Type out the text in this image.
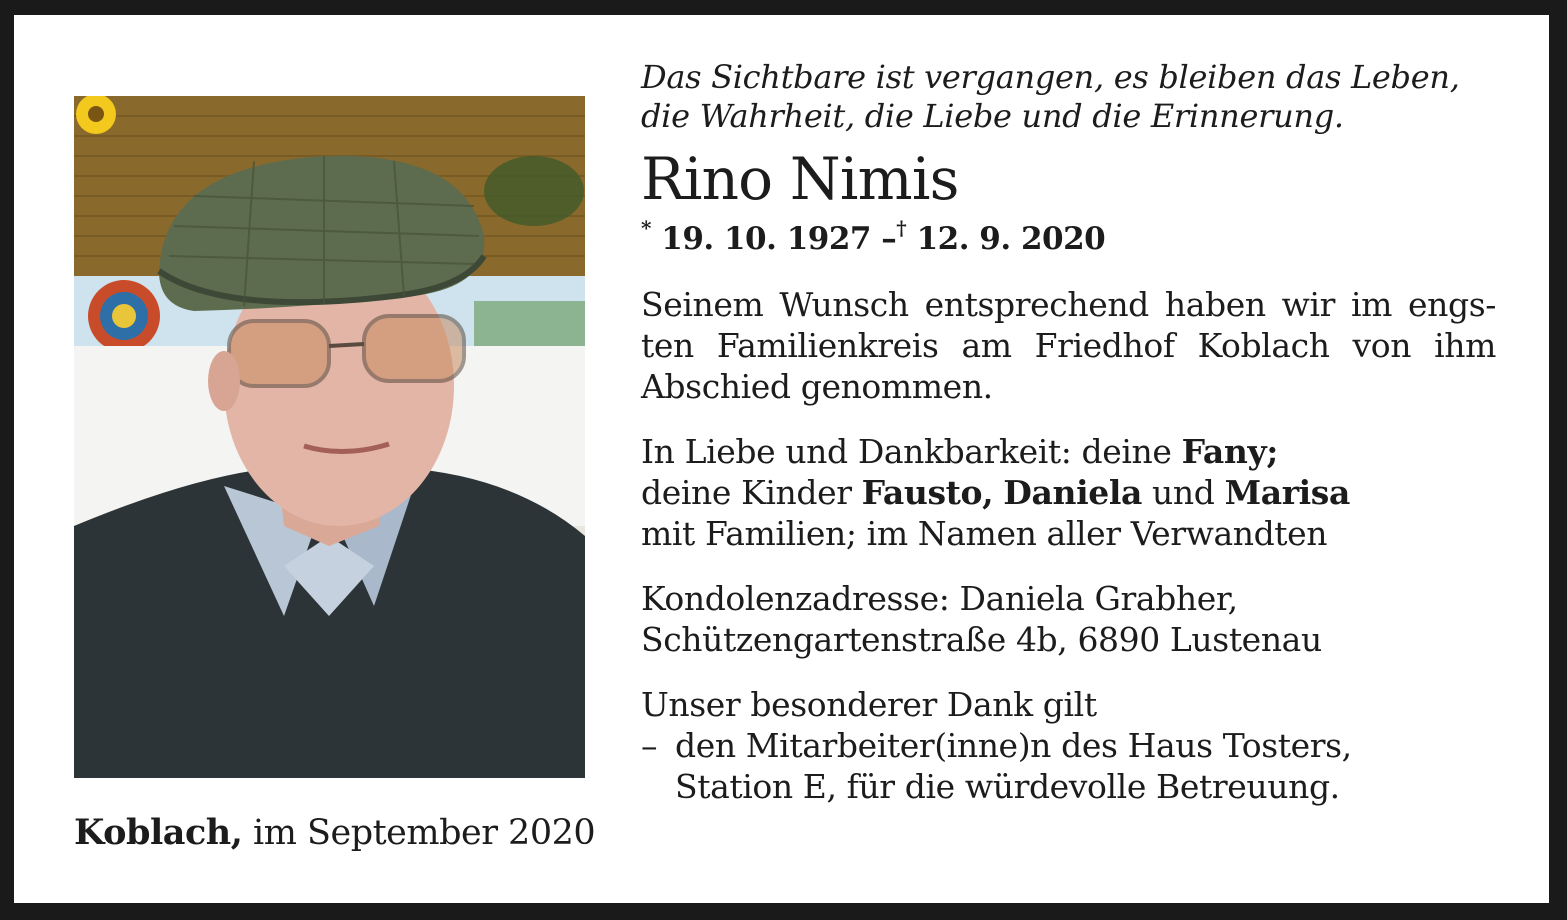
Koblach, im September 2020

Das Sichtbare ist vergangen, es bleiben das Leben,
die Wahrheit, die Liebe und die Erinnerung.

Rino Nimis

* 19. 10. 1927 –† 12. 9. 2020

Seinem Wunsch entsprechend haben wir im engs-
ten Familienkreis am Friedhof Koblach von ihm
Abschied genommen.

In Liebe und Dankbarkeit: deine Fany;
deine Kinder Fausto, Daniela und Marisa
mit Familien; im Namen aller Verwandten

Kondolenzadresse: Daniela Grabher,
Schützengartenstraße 4b, 6890 Lustenau

Unser besonderer Dank gilt

– den Mitarbeiter(inne)n des Haus Tosters,
Station E, für die würdevolle Betreuung.
